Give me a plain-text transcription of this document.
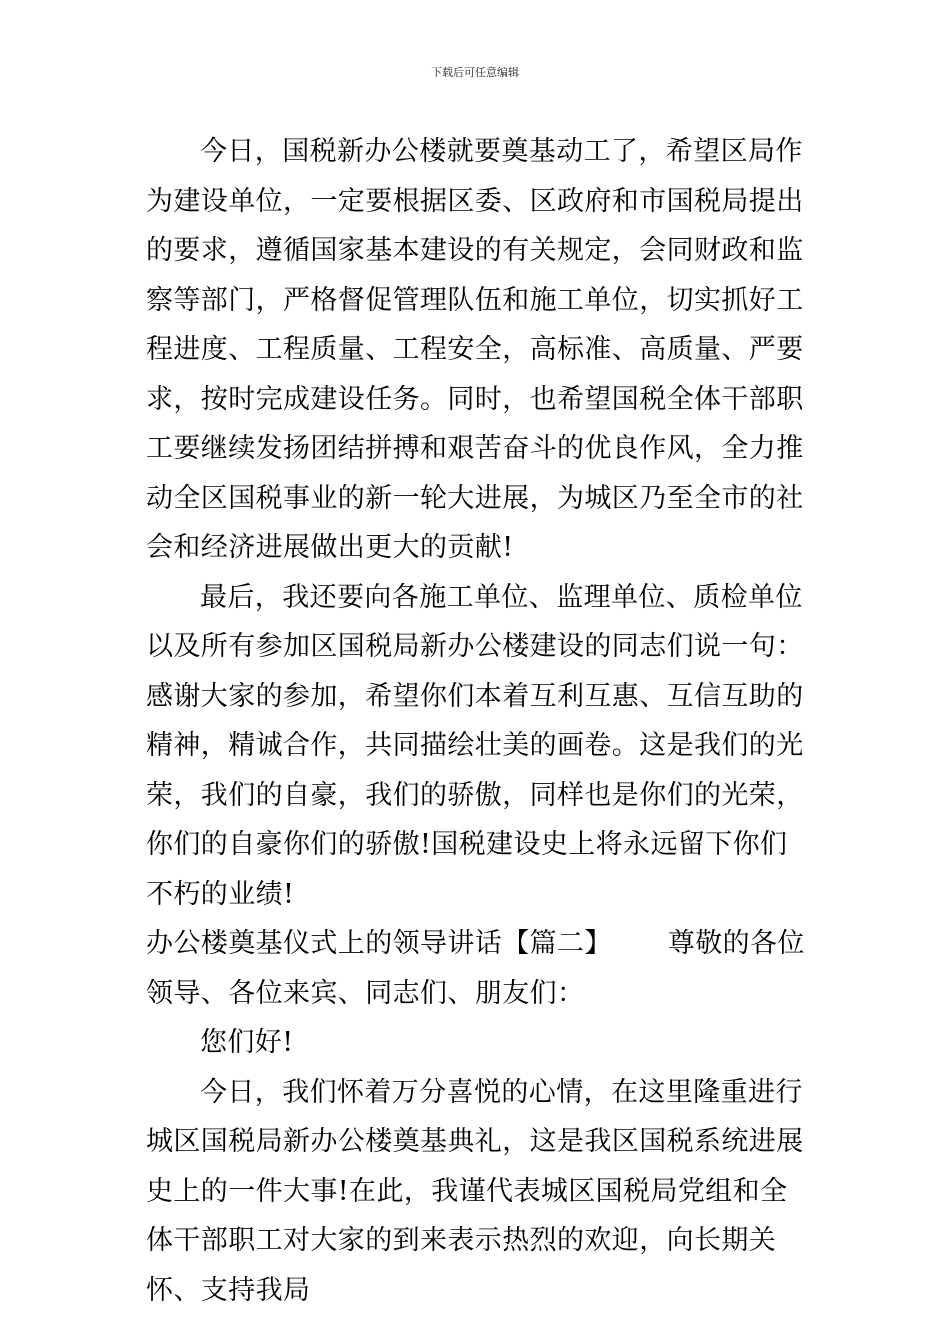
下载后可任意编辑

今日，国税新办公楼就要奠基动工了，希望区局作为建设单位，一定要根据区委、区政府和市国税局提出的要求，遵循国家基本建设的有关规定，会同财政和监察等部门，严格督促管理队伍和施工单位，切实抓好工程进度、工程质量、工程安全，高标准、高质量、严要求，按时完成建设任务。同时，也希望国税全体干部职工要继续发扬团结拼搏和艰苦奋斗的优良作风，全力推动全区国税事业的新一轮大进展，为城区乃至全市的社会和经济进展做出更大的贡献!

最后，我还要向各施工单位、监理单位、质检单位以及所有参加区国税局新办公楼建设的同志们说一句：感谢大家的参加，希望你们本着互利互惠、互信互助的精神，精诚合作，共同描绘壮美的画卷。这是我们的光荣，我们的自豪，我们的骄傲，同样也是你们的光荣，你们的自豪你们的骄傲!国税建设史上将永远留下你们不朽的业绩!

办公楼奠基仪式上的领导讲话【篇二】 尊敬的各位领导、各位来宾、同志们、朋友们：

您们好!

今日，我们怀着万分喜悦的心情，在这里隆重进行城区国税局新办公楼奠基典礼，这是我区国税系统进展史上的一件大事!在此，我谨代表城区国税局党组和全体干部职工对大家的到来表示热烈的欢迎，向长期关怀、支持我局
